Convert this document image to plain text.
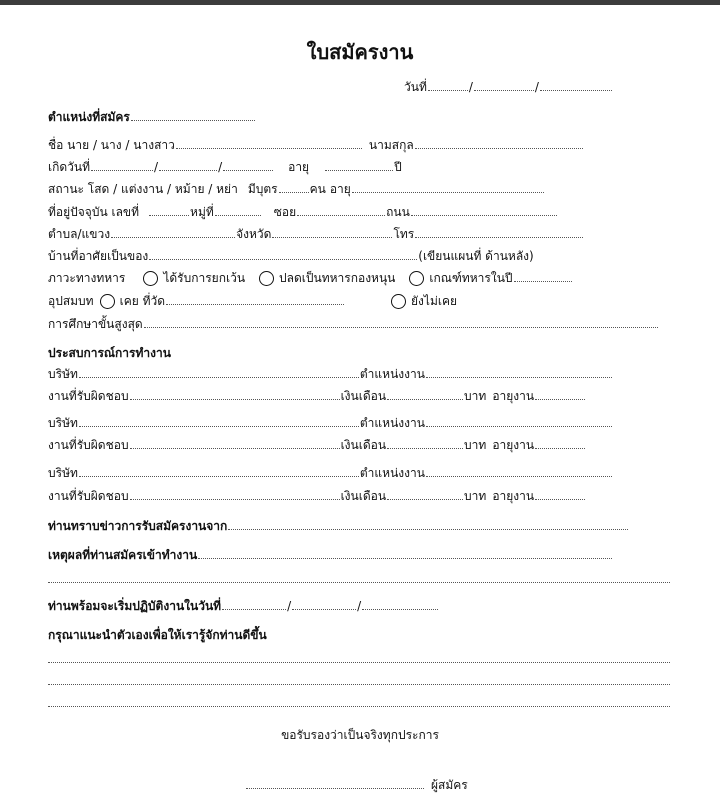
ใบสมัครงาน
วันที่	/	/
ตำแหน่งที่สมัคร
ชื่อ นาย / นาง / นางสาว	นามสกุล
เกิดวันที่	/	/	อายุ	ปี
สถานะ โสด / แต่งงาน / หม้าย / หย่า มีบุตร	คน อายุ
ที่อยู่ปัจจุบัน เลขที่	หมู่ที่	ซอย	ถนน
ตำบล/แขวง	จังหวัด	โทร
บ้านที่อาศัยเป็นของ	(เขียนแผนที่ ด้านหลัง)
ภาวะทางทหาร	ได้รับการยกเว้น	ปลดเป็นทหารกองหนุน	เกณฑ์ทหารในปี
อุปสมบท เคย ที่วัด	ยังไม่เคย
การศึกษาขั้นสูงสุด
ประสบการณ์การทำงาน
บริษัท	ตำแหน่งงาน
งานที่รับผิดชอบ	เงินเดือน	บาท อายุงาน
บริษัท	ตำแหน่งงาน
งานที่รับผิดชอบ	เงินเดือน	บาท อายุงาน
บริษัท	ตำแหน่งงาน
งานที่รับผิดชอบ	เงินเดือน	บาท อายุงาน
ท่านทราบข่าวการรับสมัครงานจาก
เหตุผลที่ท่านสมัครเข้าทำงาน
ท่านพร้อมจะเริ่มปฏิบัติงานในวันที่	/	/
กรุณาแนะนำตัวเองเพื่อให้เรารู้จักท่านดีขึ้น
ขอรับรองว่าเป็นจริงทุกประการ
ผู้สมัคร
